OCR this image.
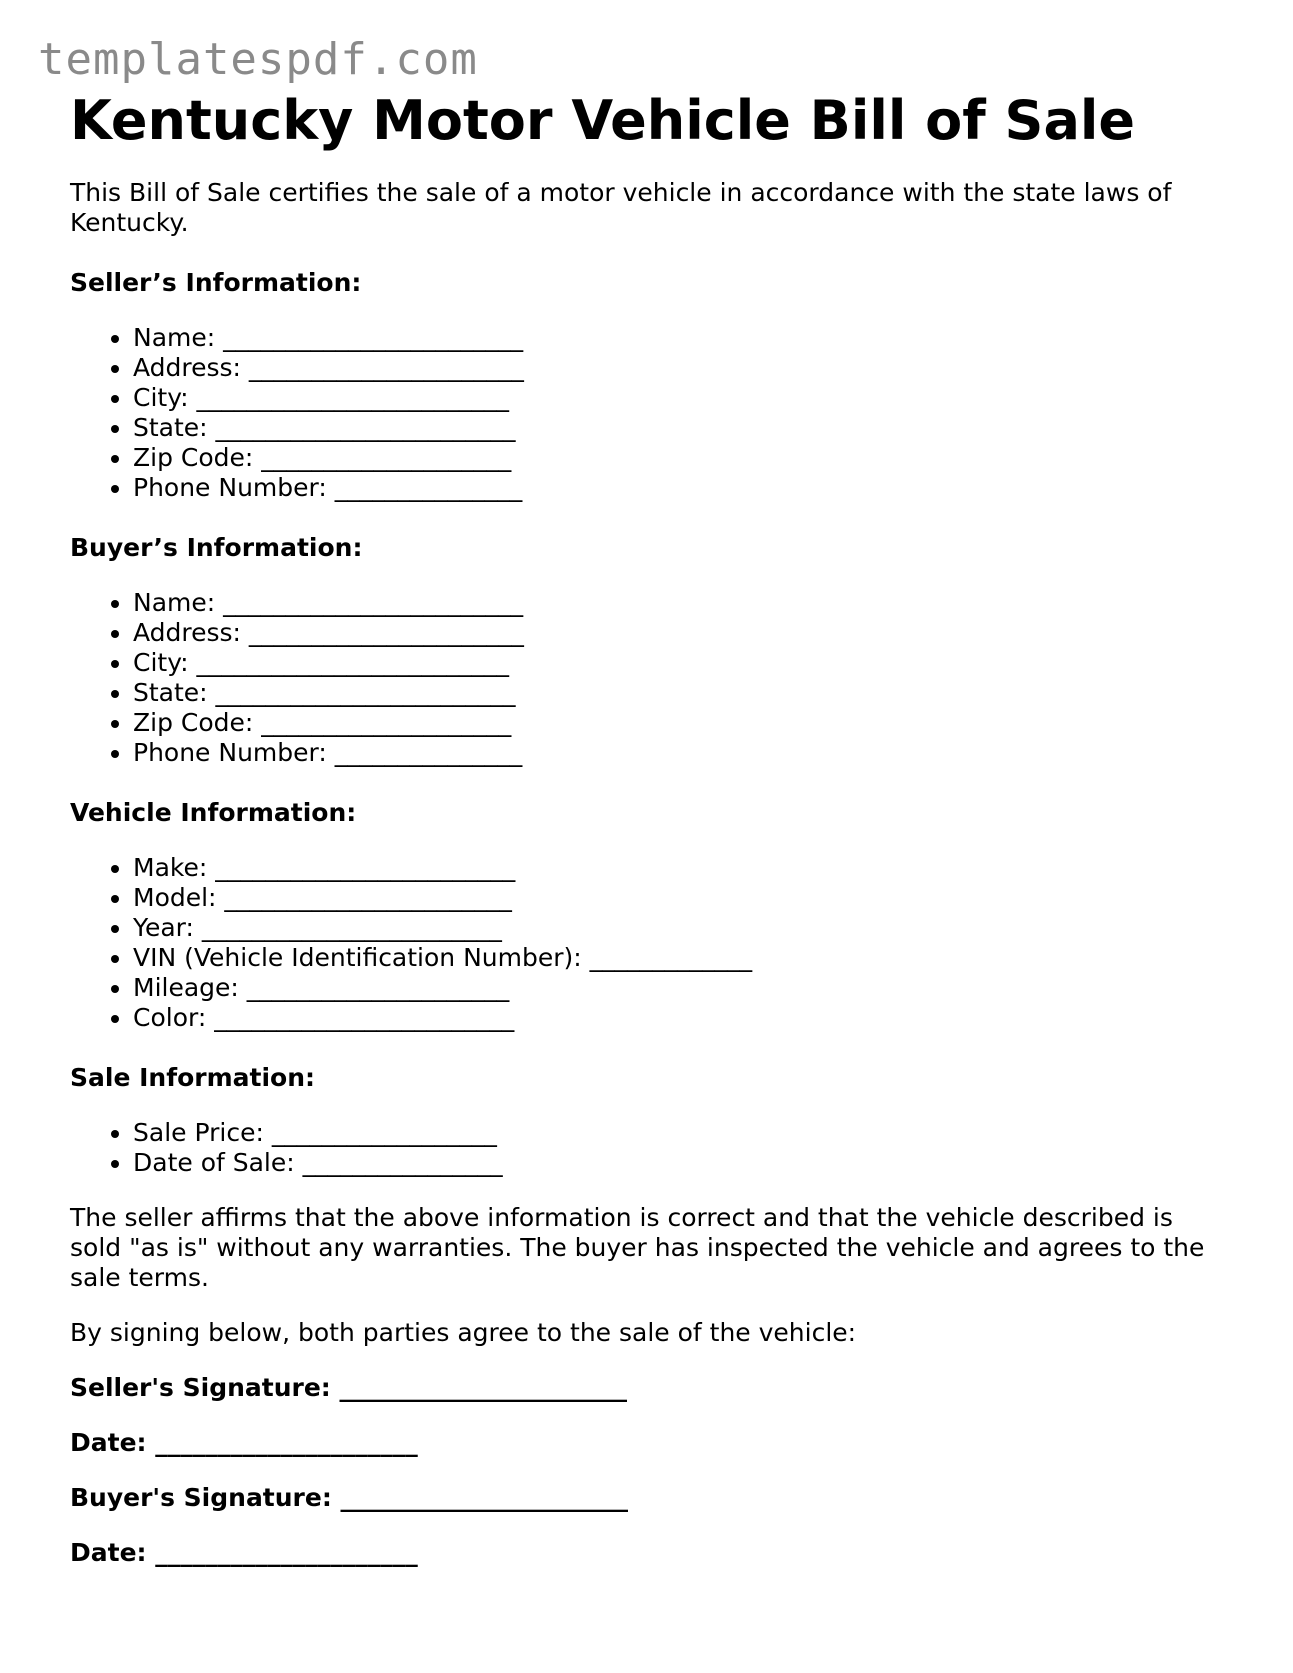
templatespdf.com
Kentucky Motor Vehicle Bill of Sale

This Bill of Sale certifies the sale of a motor vehicle in accordance with the state laws of Kentucky.

Seller’s Information:

• Name: ________________________
• Address: ______________________
• City: _________________________
• State: ________________________
• Zip Code: ____________________
• Phone Number: _______________

Buyer’s Information:

• Name: ________________________
• Address: ______________________
• City: _________________________
• State: ________________________
• Zip Code: ____________________
• Phone Number: _______________

Vehicle Information:

• Make: ________________________
• Model: _______________________
• Year: ________________________
• VIN (Vehicle Identification Number): _____________
• Mileage: _____________________
• Color: ________________________

Sale Information:

• Sale Price: __________________
• Date of Sale: ________________

The seller affirms that the above information is correct and that the vehicle described is sold "as is" without any warranties. The buyer has inspected the vehicle and agrees to the sale terms.

By signing below, both parties agree to the sale of the vehicle:

Seller's Signature: _______________________

Date: _____________________

Buyer's Signature: _______________________

Date: _____________________
